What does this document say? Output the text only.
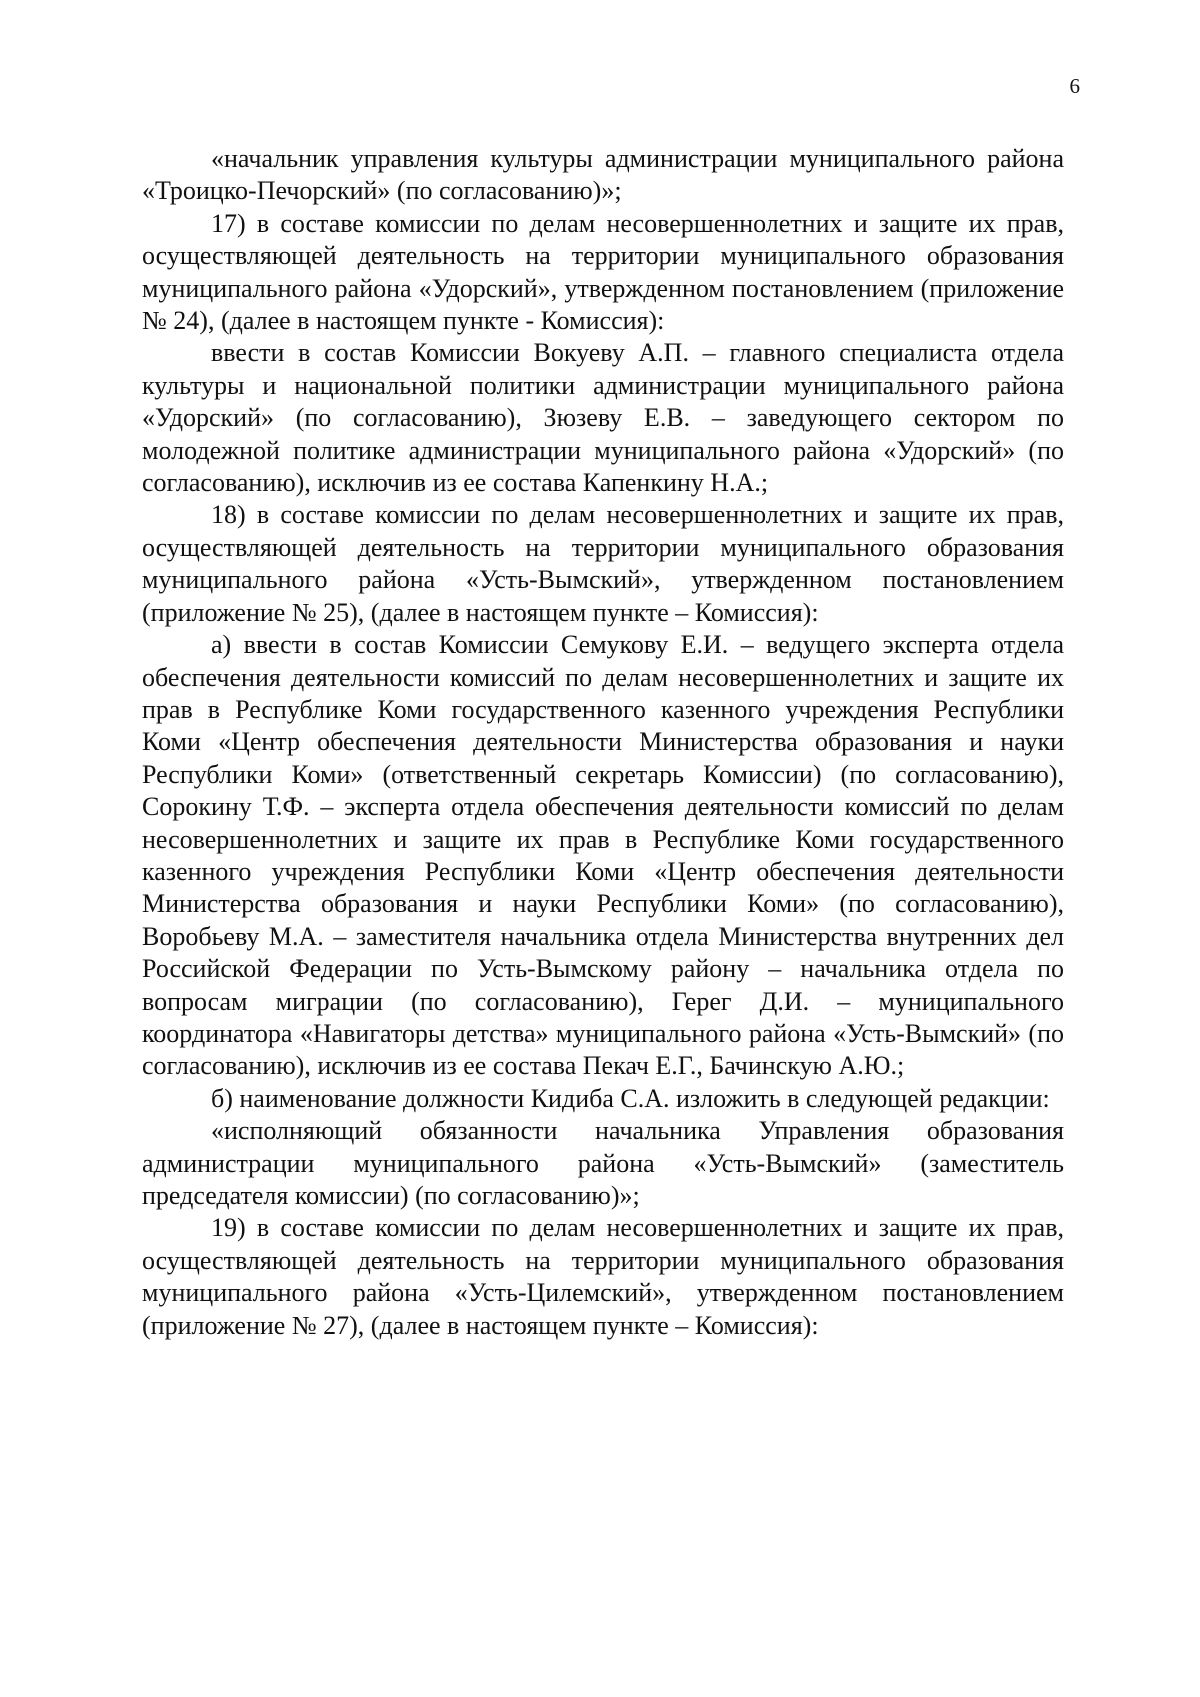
6

«начальник управления культуры администрации муниципального района «Троицко-Печорский» (по согласованию)»;

17) в составе комиссии по делам несовершеннолетних и защите их прав, осуществляющей деятельность на территории муниципального образования муниципального района «Удорский», утвержденном постановлением (приложение № 24), (далее в настоящем пункте - Комиссия):

ввести в состав Комиссии Вокуеву А.П. – главного специалиста отдела культуры и национальной политики администрации муниципального района «Удорский» (по согласованию), Зюзеву Е.В. – заведующего сектором по молодежной политике администрации муниципального района «Удорский» (по согласованию), исключив из ее состава Капенкину Н.А.;

18) в составе комиссии по делам несовершеннолетних и защите их прав, осуществляющей деятельность на территории муниципального образования муниципального района «Усть-Вымский», утвержденном постановлением (приложение № 25), (далее в настоящем пункте – Комиссия):

а) ввести в состав Комиссии Семукову Е.И. – ведущего эксперта отдела обеспечения деятельности комиссий по делам несовершеннолетних и защите их прав в Республике Коми государственного казенного учреждения Республики Коми «Центр обеспечения деятельности Министерства образования и науки Республики Коми» (ответственный секретарь Комиссии) (по согласованию), Сорокину Т.Ф. – эксперта отдела обеспечения деятельности комиссий по делам несовершеннолетних и защите их прав в Республике Коми государственного казенного учреждения Республики Коми «Центр обеспечения деятельности Министерства образования и науки Республики Коми» (по согласованию), Воробьеву М.А. – заместителя начальника отдела Министерства внутренних дел Российской Федерации по Усть-Вымскому району – начальника отдела по вопросам миграции (по согласованию), Герег Д.И. – муниципального координатора «Навигаторы детства» муниципального района «Усть-Вымский» (по согласованию), исключив из ее состава Пекач Е.Г., Бачинскую А.Ю.;

б) наименование должности Кидиба С.А. изложить в следующей редакции:

«исполняющий обязанности начальника Управления образования администрации муниципального района «Усть-Вымский» (заместитель председателя комиссии) (по согласованию)»;

19) в составе комиссии по делам несовершеннолетних и защите их прав, осуществляющей деятельность на территории муниципального образования муниципального района «Усть-Цилемский», утвержденном постановлением (приложение № 27), (далее в настоящем пункте – Комиссия):
